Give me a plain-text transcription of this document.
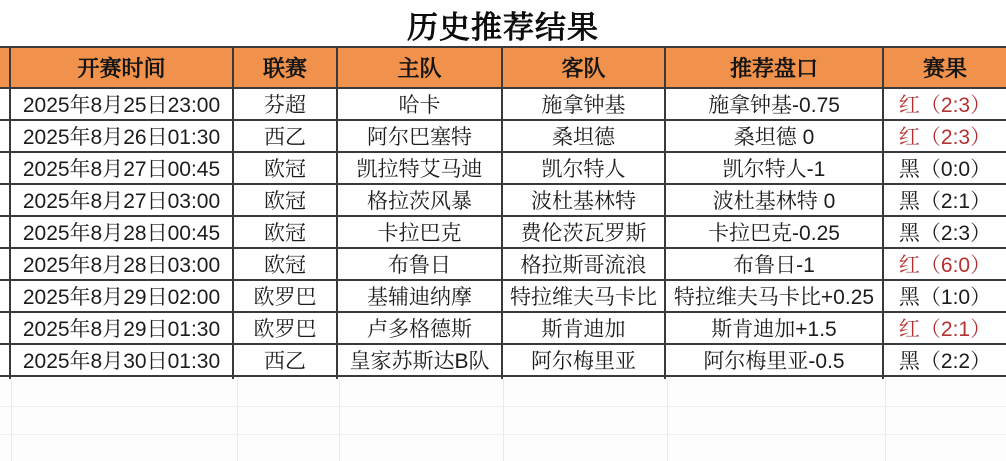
历史推荐结果
	开赛时间	联赛	主队	客队	推荐盘口	赛果
	2025年8月25日23:00	芬超	哈卡	施拿钟基	施拿钟基-0.75	红（2:3）
	2025年8月26日01:30	西乙	阿尔巴塞特	桑坦德	桑坦德 0	红（2:3）
	2025年8月27日00:45	欧冠	凯拉特艾马迪	凯尔特人	凯尔特人-1	黑（0:0）
	2025年8月27日03:00	欧冠	格拉茨风暴	波杜基林特	波杜基林特 0	黑（2:1）
	2025年8月28日00:45	欧冠	卡拉巴克	费伦茨瓦罗斯	卡拉巴克-0.25	黑（2:3）
	2025年8月28日03:00	欧冠	布鲁日	格拉斯哥流浪	布鲁日-1	红（6:0）
	2025年8月29日02:00	欧罗巴	基辅迪纳摩	特拉维夫马卡比	特拉维夫马卡比+0.25	黑（1:0）
	2025年8月29日01:30	欧罗巴	卢多格德斯	斯肯迪加	斯肯迪加+1.5	红（2:1）
	2025年8月30日01:30	西乙	皇家苏斯达B队	阿尔梅里亚	阿尔梅里亚-0.5	黑（2:2）
